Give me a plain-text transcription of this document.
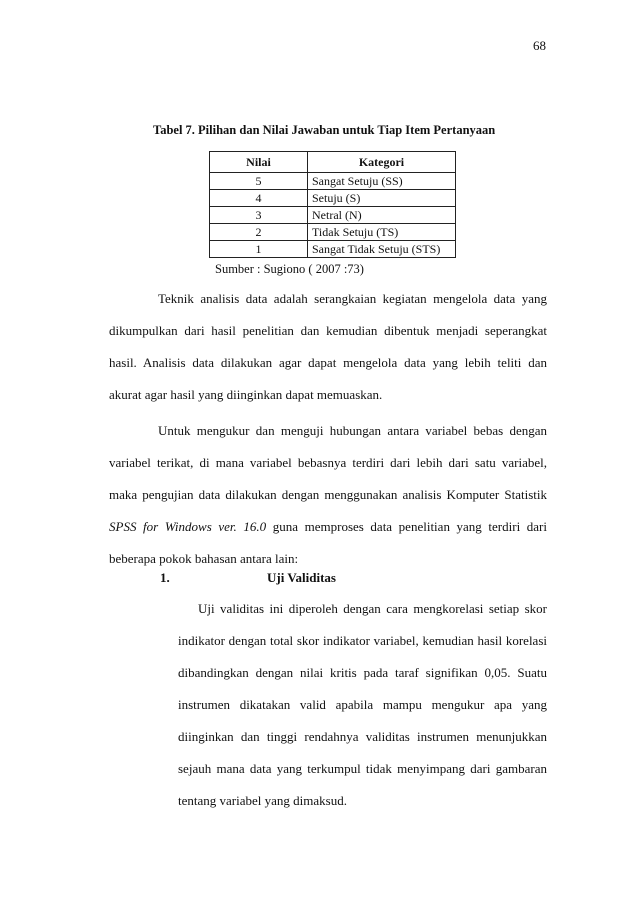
68
Tabel 7. Pilihan dan Nilai Jawaban untuk Tiap Item Pertanyaan
Nilai	Kategori
5	Sangat Setuju (SS)
4	Setuju (S)
3	Netral (N)
2	Tidak Setuju (TS)
1	Sangat Tidak Setuju (STS)
Sumber : Sugiono ( 2007 :73)
Teknik analisis data adalah serangkaian kegiatan mengelola data yang
dikumpulkan dari hasil penelitian dan kemudian dibentuk menjadi seperangkat
hasil. Analisis data dilakukan agar dapat mengelola data yang lebih teliti dan
akurat agar hasil yang diinginkan dapat memuaskan.
Untuk mengukur dan menguji hubungan antara variabel bebas dengan
variabel terikat, di mana variabel bebasnya terdiri dari lebih dari satu variabel,
maka pengujian data dilakukan dengan menggunakan analisis Komputer Statistik
SPSS for Windows ver. 16.0 guna memproses data penelitian yang terdiri dari
beberapa pokok bahasan antara lain:
1.	Uji Validitas
Uji validitas ini diperoleh dengan cara mengkorelasi setiap skor
indikator dengan total skor indikator variabel, kemudian hasil korelasi
dibandingkan dengan nilai kritis pada taraf signifikan 0,05. Suatu
instrumen dikatakan valid apabila mampu mengukur apa yang
diinginkan dan tinggi rendahnya validitas instrumen menunjukkan
sejauh mana data yang terkumpul tidak menyimpang dari gambaran
tentang variabel yang dimaksud.
